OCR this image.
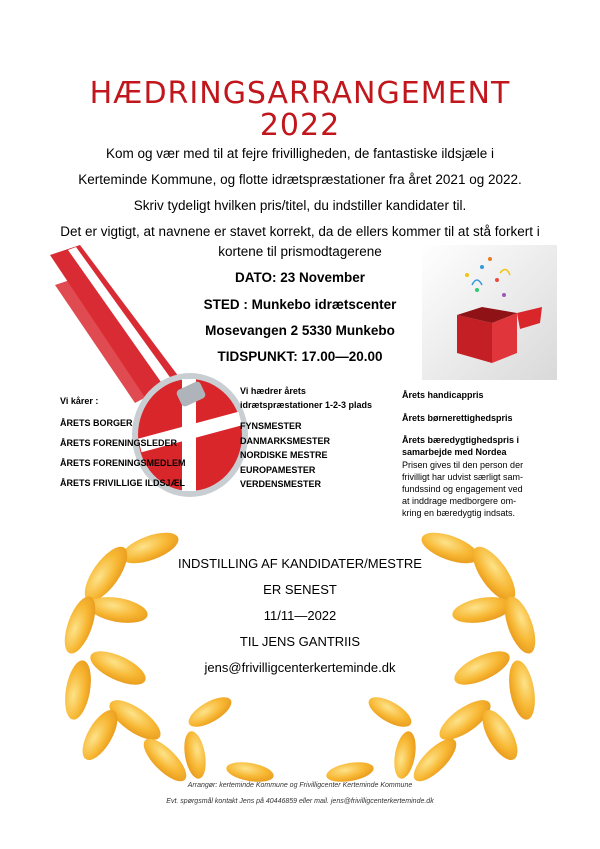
HÆDRINGSARRANGEMENT
2022
Kom og vær med til at fejre frivilligheden, de fantastiske ildsjæle i
Kerteminde Kommune, og flotte idrætspræstationer fra året 2021 og 2022.
Skriv tydeligt hvilken pris/titel, du indstiller kandidater til.
Det er vigtigt, at navnene er stavet korrekt, da de ellers kommer til at stå forkert i
kortene til prismodtagerene
DATO: 23 November
STED : Munkebo idrætscenter
Mosevangen 2 5330 Munkebo
TIDSPUNKT: 17.00—20.00
Vi kårer :
ÅRETS BORGER
ÅRETS FORENINGSLEDER
ÅRETS FORENINGSMEDLEM
ÅRETS FRIVILLIGE ILDSJÆL
Vi hædrer årets
idrætspræstationer 1-2-3 plads
FYNSMESTER
DANMARKSMESTER
NORDISKE MESTRE
EUROPAMESTER
VERDENSMESTER
Årets handicappris
Årets børnerettighedspris
Årets bæredygtighedspris i
samarbejde med Nordea
Prisen gives til den person der
frivilligt har udvist særligt sam-
fundssind og engagement ved
at inddrage medborgere om-
kring en bæredygtig indsats.
INDSTILLING AF KANDIDATER/MESTRE
ER SENEST
11/11—2022
TIL JENS GANTRIIS
jens@frivilligcenterkerteminde.dk
Arrangør: kerteminde Kommune og Frivilligcenter Kerteminde Kommune
Evt. spørgsmål kontakt Jens på 40446859 eller mail. jens@frivilligcenterkerteminde.dk
